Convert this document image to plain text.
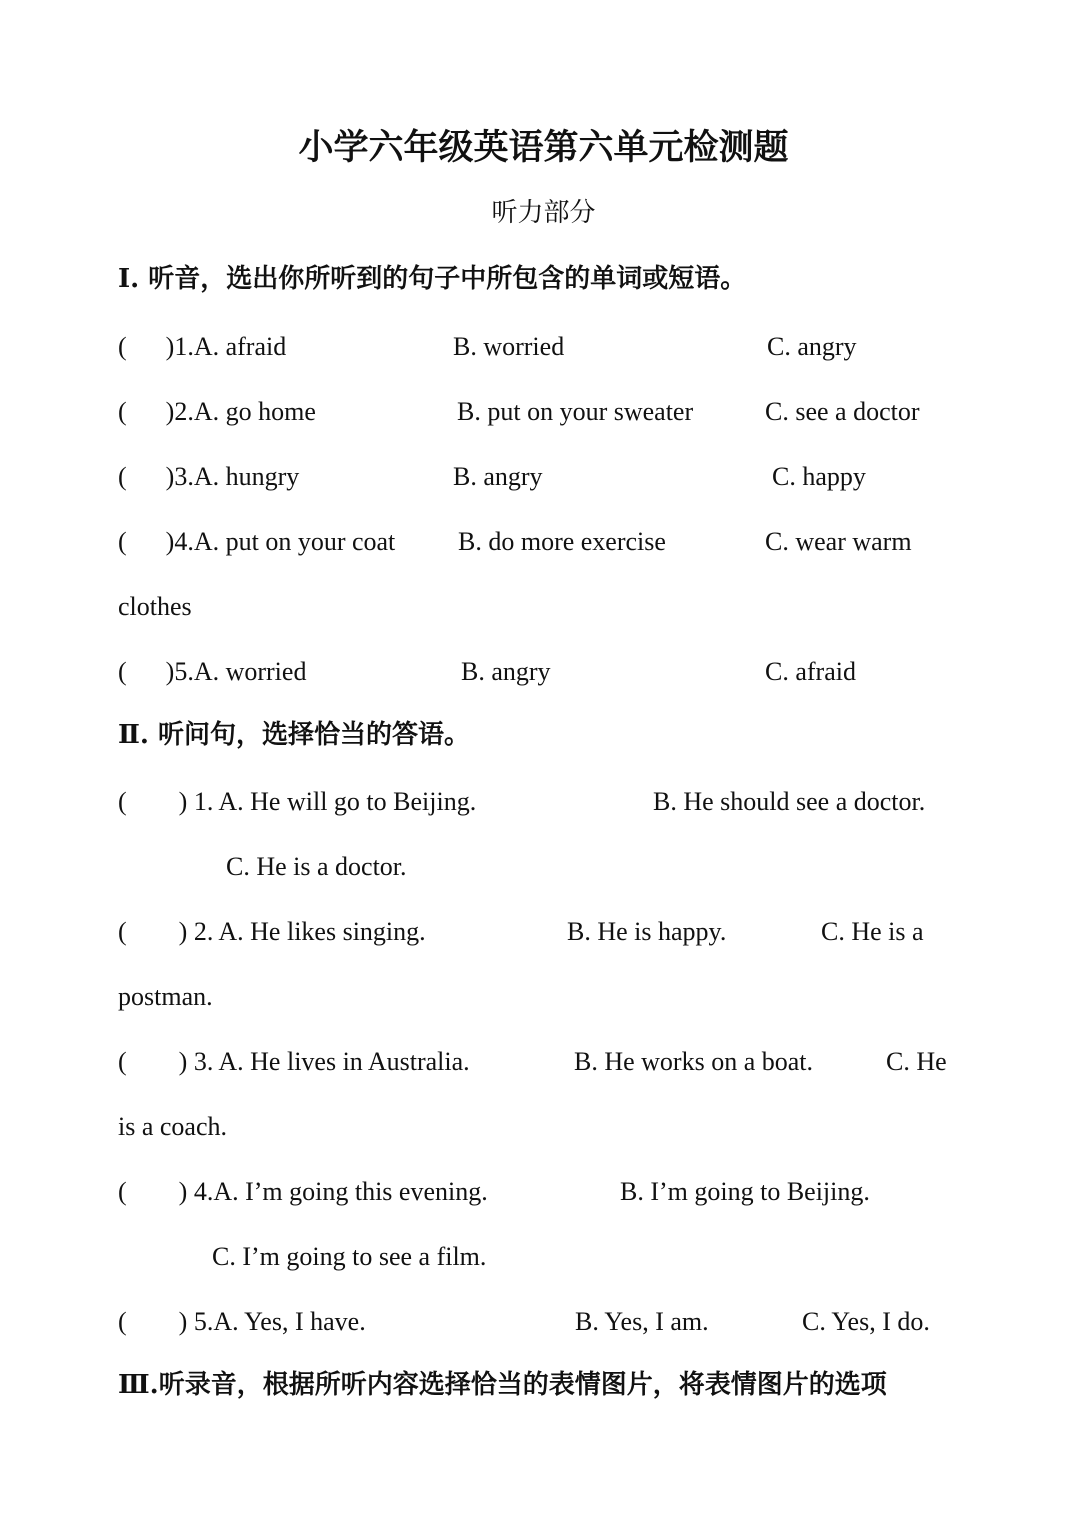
小学六年级英语第六单元检测题
听力部分
Ⅰ. 听音，选出你所听到的句子中所包含的单词或短语。
(      )1.A. afraid	B. worried	C. angry
(      )2.A. go home	B. put on your sweater	C. see a doctor
(      )3.A. hungry	B. angry	C. happy
(      )4.A. put on your coat B. do more exercise	C. wear warm
clothes
(      )5.A. worried	B. angry	C. afraid
Ⅱ. 听问句，选择恰当的答语。
(        ) 1. A. He will go to Beijing.	B. He should see a doctor.
C. He is a doctor.
(        ) 2. A. He likes singing.	B. He is happy.	C. He is a
postman.
(        ) 3. A. He lives in Australia.	B. He works on a boat.	C. He
is a coach.
(        ) 4.A. I’m going this evening.	B. I’m going to Beijing.
C. I’m going to see a film.
(        ) 5.A. Yes, I have.	B. Yes, I am.	C. Yes, I do.
Ⅲ.听录音，根据所听内容选择恰当的表情图片，将表情图片的选项
